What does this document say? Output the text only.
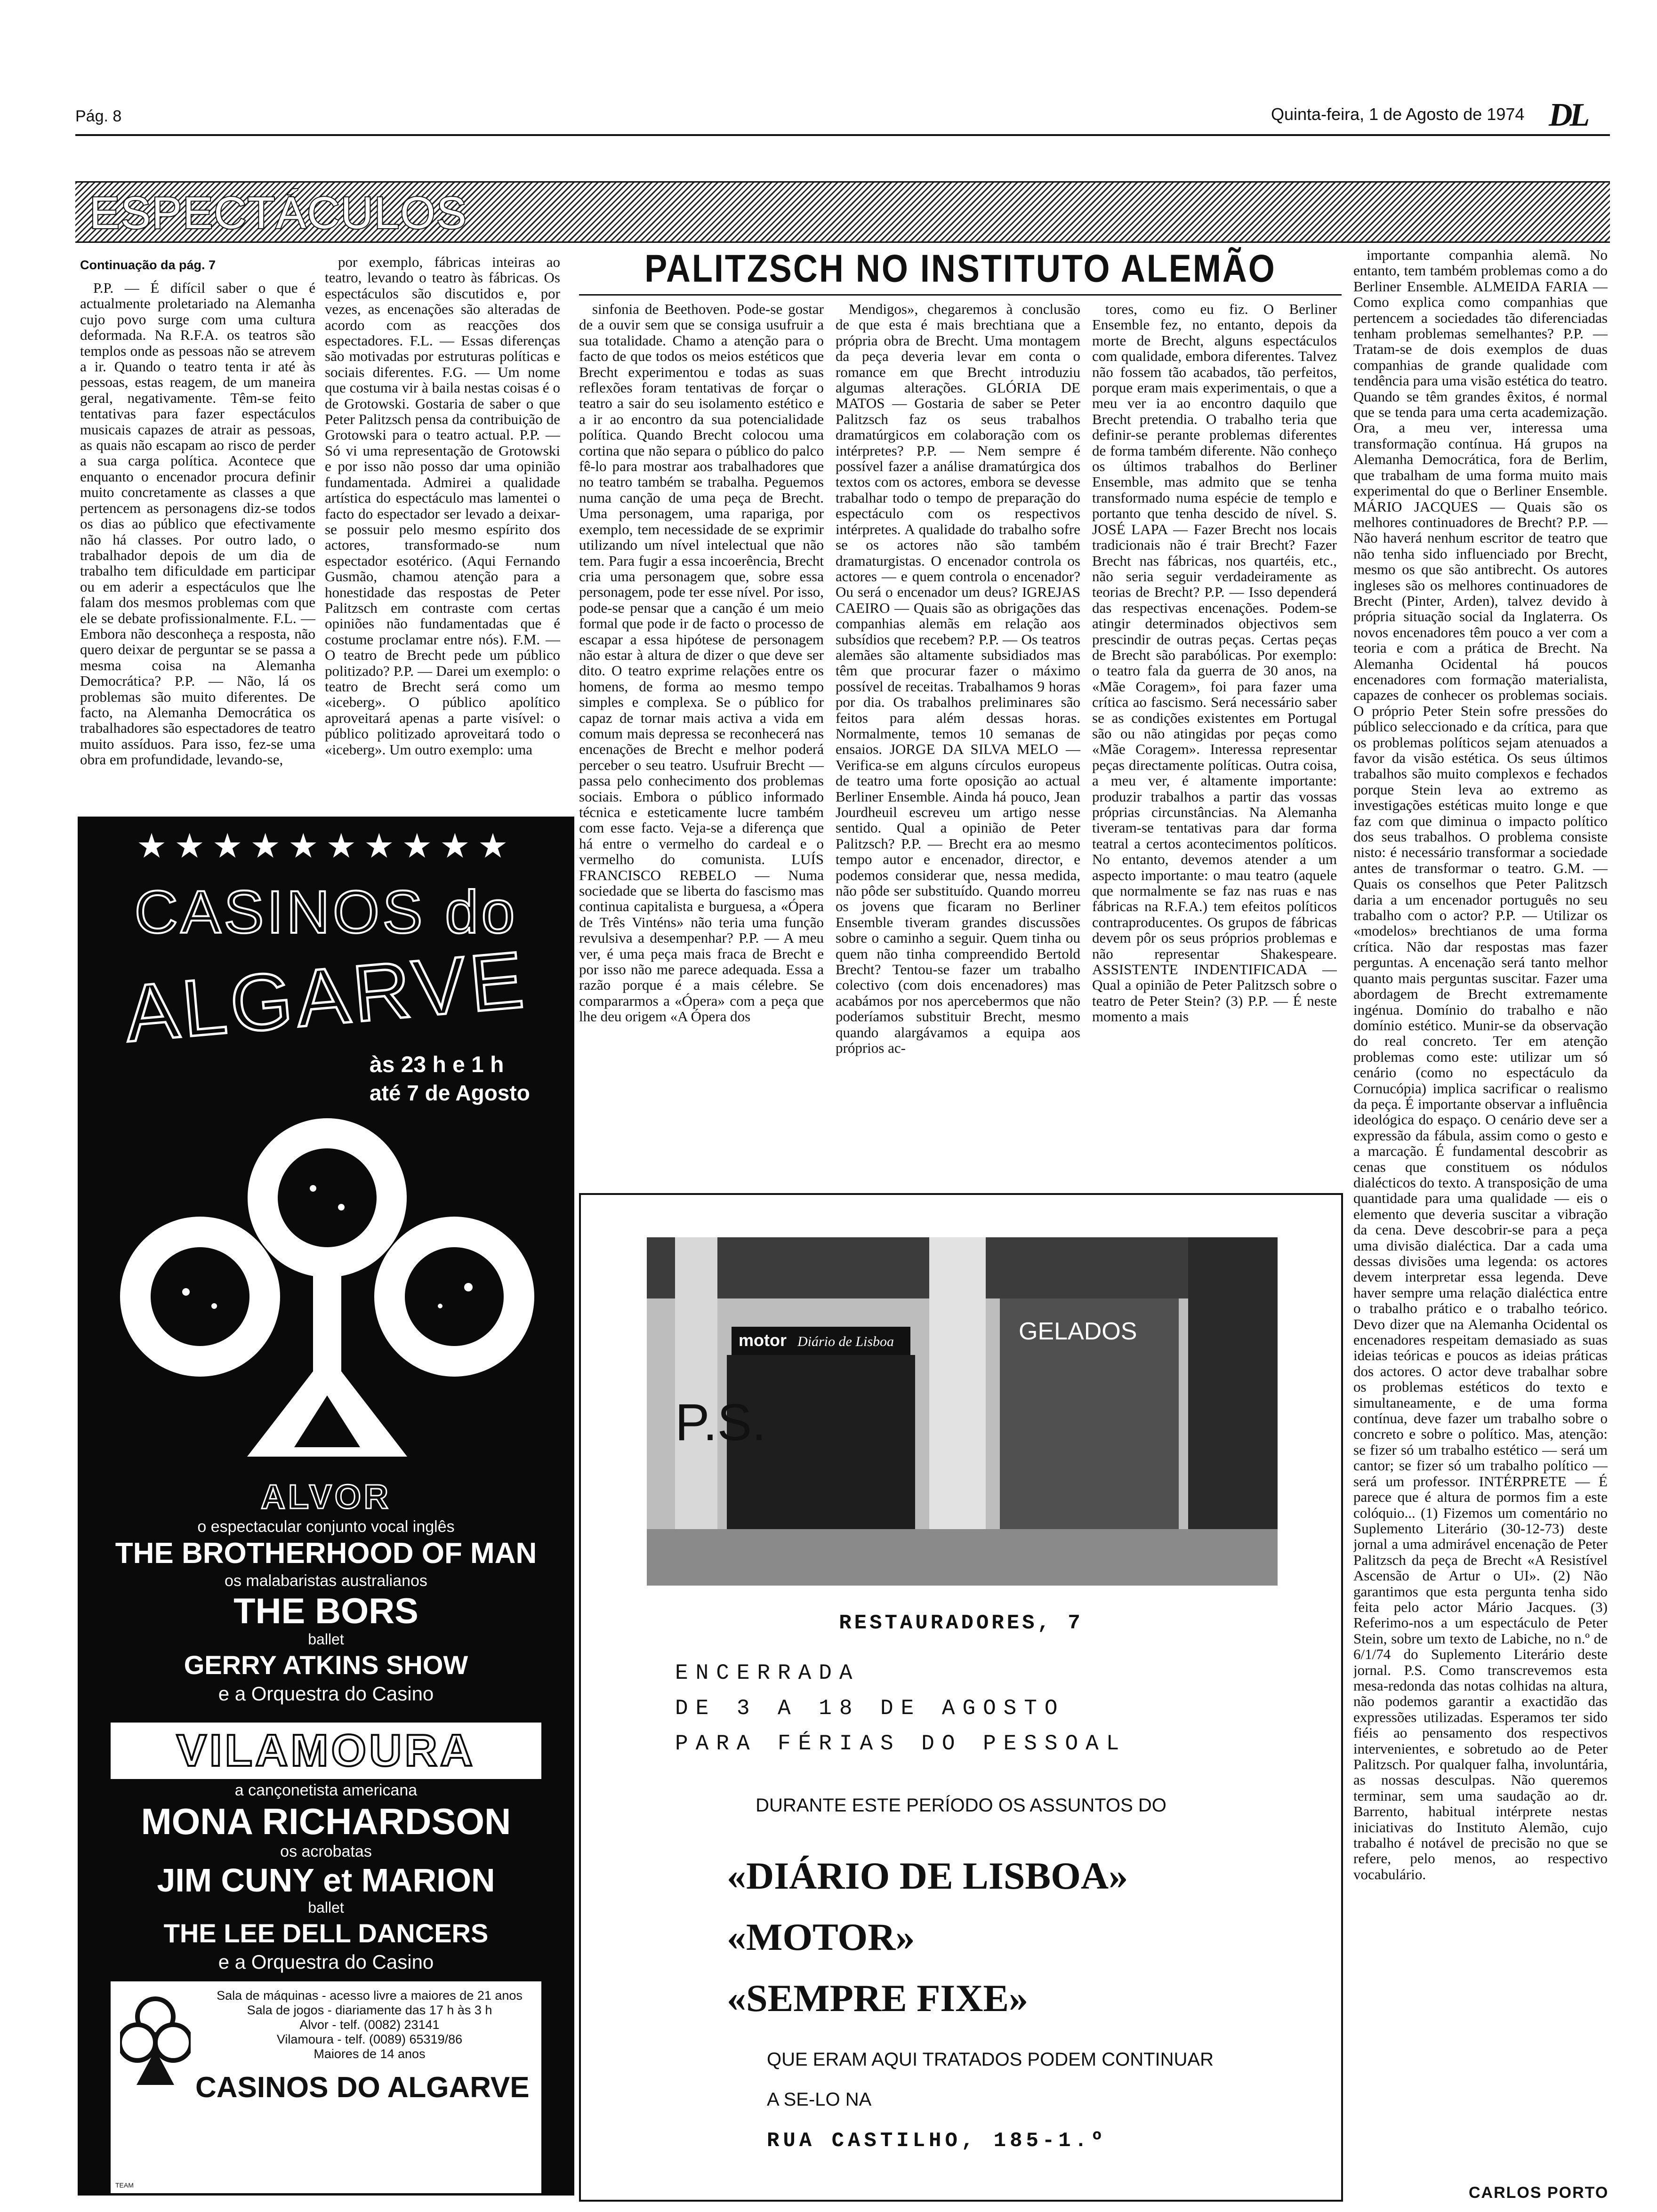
Pág. 8	Quinta-feira, 1 de Agosto de 1974 DL
ESPECTÁCULOS
PALITZSCH NO INSTITUTO ALEMÃO
Continuação da pág. 7

P.P. — É difícil saber o que é actualmente proletariado na Alemanha cujo povo surge com uma cultura deformada. Na R.F.A. os teatros são templos onde as pessoas não se atrevem a ir. Quando o teatro tenta ir até às pessoas, estas reagem, de um maneira geral, negativamente. Têm-se feito tentativas para fazer espectáculos musicais capazes de atrair as pessoas, as quais não escapam ao risco de perder a sua carga política. Acontece que enquanto o encenador procura definir muito concretamente as classes a que pertencem as personagens diz-se todos os dias ao público que efectivamente não há classes. Por outro lado, o trabalhador depois de um dia de trabalho tem dificuldade em participar ou em aderir a espectáculos que lhe falam dos mesmos problemas com que ele se debate profissionalmente. F.L. — Embora não desconheça a resposta, não quero deixar de perguntar se se passa a mesma coisa na Alemanha Democrática? P.P. — Não, lá os problemas são muito diferentes. De facto, na Alemanha Democrática os trabalhadores são espectadores de teatro muito assíduos. Para isso, fez-se uma obra em profundidade, levando-se,

por exemplo, fábricas inteiras ao teatro, levando o teatro às fábricas. Os espectáculos são discutidos e, por vezes, as encenações são alteradas de acordo com as reacções dos espectadores. F.L. — Essas diferenças são motivadas por estruturas políticas e sociais diferentes. F.G. — Um nome que costuma vir à baila nestas coisas é o de Grotowski. Gostaria de saber o que Peter Palitzsch pensa da contribuição de Grotowski para o teatro actual. P.P. — Só vi uma representação de Grotowski e por isso não posso dar uma opinião fundamentada. Admirei a qualidade artística do espectáculo mas lamentei o facto do espectador ser levado a deixar-se possuir pelo mesmo espírito dos actores, transformado-se num espectador esotérico. (Aqui Fernando Gusmão, chamou atenção para a honestidade das respostas de Peter Palitzsch em contraste com certas opiniões não fundamentadas que é costume proclamar entre nós). F.M. — O teatro de Brecht pede um público politizado? P.P. — Darei um exemplo: o teatro de Brecht será como um «iceberg». O público apolítico aproveitará apenas a parte visível: o público politizado aproveitará todo o «iceberg». Um outro exemplo: uma

sinfonia de Beethoven. Pode-se gostar de a ouvir sem que se consiga usufruir a sua totalidade. Chamo a atenção para o facto de que todos os meios estéticos que Brecht experimentou e todas as suas reflexões foram tentativas de forçar o teatro a sair do seu isolamento estético e a ir ao encontro da sua potencialidade política. Quando Brecht colocou uma cortina que não separa o público do palco fê-lo para mostrar aos trabalhadores que no teatro também se trabalha. Peguemos numa canção de uma peça de Brecht. Uma personagem, uma rapariga, por exemplo, tem necessidade de se exprimir utilizando um nível intelectual que não tem. Para fugir a essa incoerência, Brecht cria uma personagem que, sobre essa personagem, pode ter esse nível. Por isso, pode-se pensar que a canção é um meio formal que pode ir de facto o processo de escapar a essa hipótese de personagem não estar à altura de dizer o que deve ser dito. O teatro exprime relações entre os homens, de forma ao mesmo tempo simples e complexa. Se o público for capaz de tornar mais activa a vida em comum mais depressa se reconhecerá nas encenações de Brecht e melhor poderá perceber o seu teatro. Usufruir Brecht — passa pelo conhecimento dos problemas sociais. Embora o público informado técnica e esteticamente lucre também com esse facto. Veja-se a diferença que há entre o vermelho do cardeal e o vermelho do comunista. LUÍS FRANCISCO REBELO — Numa sociedade que se liberta do fascismo mas continua capitalista e burguesa, a «Ópera de Três Vinténs» não teria uma função revulsiva a desempenhar? P.P. — A meu ver, é uma peça mais fraca de Brecht e por isso não me parece adequada. Essa a razão porque é a mais célebre. Se compararmos a «Ópera» com a peça que lhe deu origem «A Ópera dos

Mendigos», chegaremos à conclusão de que esta é mais brechtiana que a própria obra de Brecht. Uma montagem da peça deveria levar em conta o romance em que Brecht introduziu algumas alterações. GLÓRIA DE MATOS — Gostaria de saber se Peter Palitzsch faz os seus trabalhos dramatúrgicos em colaboração com os intérpretes? P.P. — Nem sempre é possível fazer a análise dramatúrgica dos textos com os actores, embora se devesse trabalhar todo o tempo de preparação do espectáculo com os respectivos intérpretes. A qualidade do trabalho sofre se os actores não são também dramaturgistas. O encenador controla os actores — e quem controla o encenador? Ou será o encenador um deus? IGREJAS CAEIRO — Quais são as obrigações das companhias alemãs em relação aos subsídios que recebem? P.P. — Os teatros alemães são altamente subsidiados mas têm que procurar fazer o máximo possível de receitas. Trabalhamos 9 horas por dia. Os trabalhos preliminares são feitos para além dessas horas. Normalmente, temos 10 semanas de ensaios. JORGE DA SILVA MELO — Verifica-se em alguns círculos europeus de teatro uma forte oposição ao actual Berliner Ensemble. Ainda há pouco, Jean Jourdheuil escreveu um artigo nesse sentido. Qual a opinião de Peter Palitzsch? P.P. — Brecht era ao mesmo tempo autor e encenador, director, e podemos considerar que, nessa medida, não pôde ser substituído. Quando morreu os jovens que ficaram no Berliner Ensemble tiveram grandes discussões sobre o caminho a seguir. Quem tinha ou quem não tinha compreendido Bertold Brecht? Tentou-se fazer um trabalho colectivo (com dois encenadores) mas acabámos por nos apercebermos que não poderíamos substituir Brecht, mesmo quando alargávamos a equipa aos próprios ac-

tores, como eu fiz. O Berliner Ensemble fez, no entanto, depois da morte de Brecht, alguns espectáculos com qualidade, embora diferentes. Talvez não fossem tão acabados, tão perfeitos, porque eram mais experimentais, o que a meu ver ia ao encontro daquilo que Brecht pretendia. O trabalho teria que definir-se perante problemas diferentes de forma também diferente. Não conheço os últimos trabalhos do Berliner Ensemble, mas admito que se tenha transformado numa espécie de templo e portanto que tenha descido de nível. S. JOSÉ LAPA — Fazer Brecht nos locais tradicionais não é trair Brecht? Fazer Brecht nas fábricas, nos quartéis, etc., não seria seguir verdadeiramente as teorias de Brecht? P.P. — Isso dependerá das respectivas encenações. Podem-se atingir determinados objectivos sem prescindir de outras peças. Certas peças de Brecht são parabólicas. Por exemplo: o teatro fala da guerra de 30 anos, na «Mãe Coragem», foi para fazer uma crítica ao fascismo. Será necessário saber se as condições existentes em Portugal são ou não atingidas por peças como «Mãe Coragem». Interessa representar peças directamente políticas. Outra coisa, a meu ver, é altamente importante: produzir trabalhos a partir das vossas próprias circunstâncias. Na Alemanha tiveram-se tentativas para dar forma teatral a certos acontecimentos políticos. No entanto, devemos atender a um aspecto importante: o mau teatro (aquele que normalmente se faz nas ruas e nas fábricas na R.F.A.) tem efeitos políticos contraproducentes. Os grupos de fábricas devem pôr os seus próprios problemas e não representar Shakespeare. ASSISTENTE INDENTIFICADA — Qual a opinião de Peter Palitzsch sobre o teatro de Peter Stein? (3) P.P. — É neste momento a mais

importante companhia alemã. No entanto, tem também problemas como a do Berliner Ensemble. ALMEIDA FARIA — Como explica como companhias que pertencem a sociedades tão diferenciadas tenham problemas semelhantes? P.P. — Tratam-se de dois exemplos de duas companhias de grande qualidade com tendência para uma visão estética do teatro. Quando se têm grandes êxitos, é normal que se tenda para uma certa academização. Ora, a meu ver, interessa uma transformação contínua. Há grupos na Alemanha Democrática, fora de Berlim, que trabalham de uma forma muito mais experimental do que o Berliner Ensemble. MÁRIO JACQUES — Quais são os melhores continuadores de Brecht? P.P. — Não haverá nenhum escritor de teatro que não tenha sido influenciado por Brecht, mesmo os que são antibrecht. Os autores ingleses são os melhores continuadores de Brecht (Pinter, Arden), talvez devido à própria situação social da Inglaterra. Os novos encenadores têm pouco a ver com a teoria e com a prática de Brecht. Na Alemanha Ocidental há poucos encenadores com formação materialista, capazes de conhecer os problemas sociais. O próprio Peter Stein sofre pressões do público seleccionado e da crítica, para que os problemas políticos sejam atenuados a favor da visão estética. Os seus últimos trabalhos são muito complexos e fechados porque Stein leva ao extremo as investigações estéticas muito longe e que faz com que diminua o impacto político dos seus trabalhos. O problema consiste nisto: é necessário transformar a sociedade antes de transformar o teatro. G.M. — Quais os conselhos que Peter Palitzsch daria a um encenador português no seu trabalho com o actor? P.P. — Utilizar os «modelos» brechtianos de uma forma crítica. Não dar respostas mas fazer perguntas. A encenação será tanto melhor quanto mais perguntas suscitar. Fazer uma abordagem de Brecht extremamente ingénua. Domínio do trabalho e não domínio estético. Munir-se da observação do real concreto. Ter em atenção problemas como este: utilizar um só cenário (como no espectáculo da Cornucópia) implica sacrificar o realismo da peça. É importante observar a influência ideológica do espaço. O cenário deve ser a expressão da fábula, assim como o gesto e a marcação. É fundamental descobrir as cenas que constituem os nódulos dialécticos do texto. A transposição de uma quantidade para uma qualidade — eis o elemento que deveria suscitar a vibração da cena. Deve descobrir-se para a peça uma divisão dialéctica. Dar a cada uma dessas divisões uma legenda: os actores devem interpretar essa legenda. Deve haver sempre uma relação dialéctica entre o trabalho prático e o trabalho teórico. Devo dizer que na Alemanha Ocidental os encenadores respeitam demasiado as suas ideias teóricas e poucos as ideias práticas dos actores. O actor deve trabalhar sobre os problemas estéticos do texto e simultaneamente, e de uma forma contínua, deve fazer um trabalho sobre o concreto e sobre o político. Mas, atenção: se fizer só um trabalho estético — será um cantor; se fizer só um trabalho político — será um professor. INTÉRPRETE — É parece que é altura de pormos fim a este colóquio... (1) Fizemos um comentário no Suplemento Literário (30-12-73) deste jornal a uma admirável encenação de Peter Palitzsch da peça de Brecht «A Resistível Ascensão de Artur o UI». (2) Não garantimos que esta pergunta tenha sido feita pelo actor Mário Jacques. (3) Referimo-nos a um espectáculo de Peter Stein, sobre um texto de Labiche, no n.º de 6/1/74 do Suplemento Literário deste jornal. P.S. Como transcrevemos esta mesa-redonda das notas colhidas na altura, não podemos garantir a exactidão das expressões utilizadas. Esperamos ter sido fiéis ao pensamento dos respectivos intervenientes, e sobretudo ao de Peter Palitzsch. Por qualquer falha, involuntária, as nossas desculpas. Não queremos terminar, sem uma saudação ao dr. Barrento, habitual intérprete nestas iniciativas do Instituto Alemão, cujo trabalho é notável de precisão no que se refere, pelo menos, ao respectivo vocabulário.

CARLOS PORTO
★★★★★★★★★★
CASINOS do
ALGARVE
às 23 h e 1 h
até 7 de Agosto
ALVOR
o espectacular conjunto vocal inglês
THE BROTHERHOOD OF MAN
os malabaristas australianos
THE BORS
ballet
GERRY ATKINS SHOW
e a Orquestra do Casino
VILAMOURA
a cançonetista americana
MONA RICHARDSON
os acrobatas
JIM CUNY et MARION
ballet
THE LEE DELL DANCERS
e a Orquestra do Casino
Sala de máquinas - acesso livre a maiores de 21 anos
Sala de jogos - diariamente das 17 h às 3 h
Alvor - telf. (0082) 23141
Vilamoura - telf. (0089) 65319/86
Maiores de 14 anos
CASINOS DO ALGARVE
TEAM
motor Diário de Lisboa	GELADOS
P.S.
RESTAURADORES, 7
ENCERRADA
DE 3 A 18 DE AGOSTO
PARA FÉRIAS DO PESSOAL
DURANTE ESTE PERÍODO OS ASSUNTOS DO
«DIÁRIO DE LISBOA»
«MOTOR»
«SEMPRE FIXE»
QUE ERAM AQUI TRATADOS PODEM CONTINUAR
A SE-LO NA
RUA CASTILHO, 185-1.º
